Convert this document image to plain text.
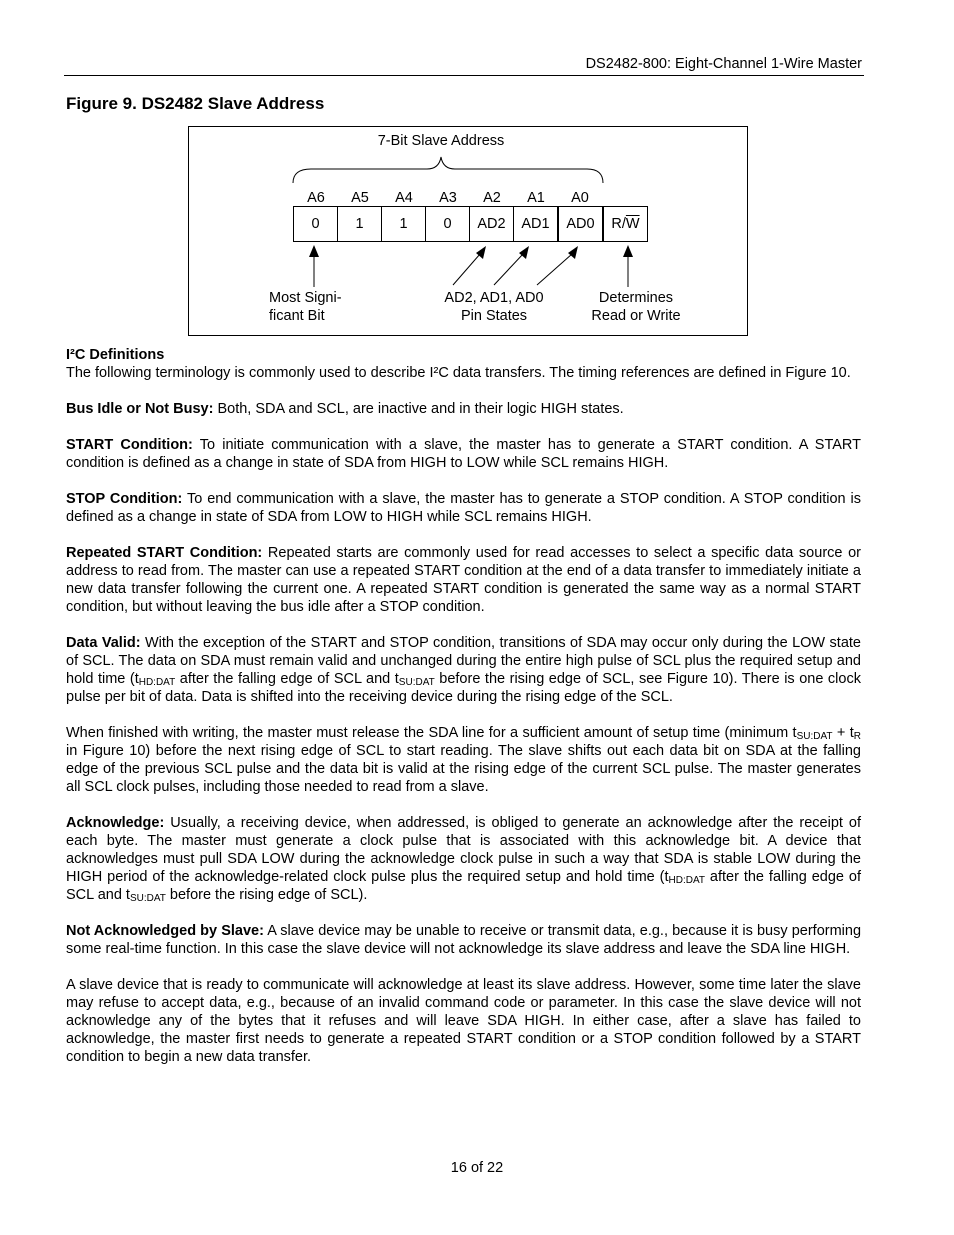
DS2482-800: Eight-Channel 1-Wire Master
Figure 9. DS2482 Slave Address
7-Bit Slave Address
A6	A5	A4	A3	A2	A1	A0
0	1	1	0	AD2	AD1	AD0	$R/\overline{W}$
Most Signi-
ficant Bit
AD2, AD1, AD0
Pin States
Determines
Read or Write

I²C Definitions

The following terminology is commonly used to describe I²C data transfers. The timing references are defined in Figure 10.

Bus Idle or Not Busy: Both, SDA and SCL, are inactive and in their logic HIGH states.

START Condition: To initiate communication with a slave, the master has to generate a START condition. A START condition is defined as a change in state of SDA from HIGH to LOW while SCL remains HIGH.

STOP Condition: To end communication with a slave, the master has to generate a STOP condition. A STOP condition is defined as a change in state of SDA from LOW to HIGH while SCL remains HIGH.

Repeated START Condition: Repeated starts are commonly used for read accesses to select a specific data source or address to read from. The master can use a repeated START condition at the end of a data transfer to immediately initiate a new data transfer following the current one. A repeated START condition is generated the same way as a normal START condition, but without leaving the bus idle after a STOP condition.

Data Valid: With the exception of the START and STOP condition, transitions of SDA may occur only during the LOW state of SCL. The data on SDA must remain valid and unchanged during the entire high pulse of SCL plus the required setup and hold time ($t_{HD:DAT}$ after the falling edge of SCL and $t_{SU:DAT}$ before the rising edge of SCL, see Figure 10). There is one clock pulse per bit of data. Data is shifted into the receiving device during the rising edge of the SCL.

When finished with writing, the master must release the SDA line for a sufficient amount of setup time (minimum $t_{SU:DAT} + t_R$ in Figure 10) before the next rising edge of SCL to start reading. The slave shifts out each data bit on SDA at the falling edge of the previous SCL pulse and the data bit is valid at the rising edge of the current SCL pulse. The master generates all SCL clock pulses, including those needed to read from a slave.

Acknowledge: Usually, a receiving device, when addressed, is obliged to generate an acknowledge after the receipt of each byte. The master must generate a clock pulse that is associated with this acknowledge bit. A device that acknowledges must pull SDA LOW during the acknowledge clock pulse in such a way that SDA is stable LOW during the HIGH period of the acknowledge-related clock pulse plus the required setup and hold time ($t_{HD:DAT}$ after the falling edge of SCL and $t_{SU:DAT}$ before the rising edge of SCL).

Not Acknowledged by Slave: A slave device may be unable to receive or transmit data, e.g., because it is busy performing some real-time function. In this case the slave device will not acknowledge its slave address and leave the SDA line HIGH.

A slave device that is ready to communicate will acknowledge at least its slave address. However, some time later the slave may refuse to accept data, e.g., because of an invalid command code or parameter. In this case the slave device will not acknowledge any of the bytes that it refuses and will leave SDA HIGH. In either case, after a slave has failed to acknowledge, the master first needs to generate a repeated START condition or a STOP condition followed by a START condition to begin a new data transfer.

16 of 22
